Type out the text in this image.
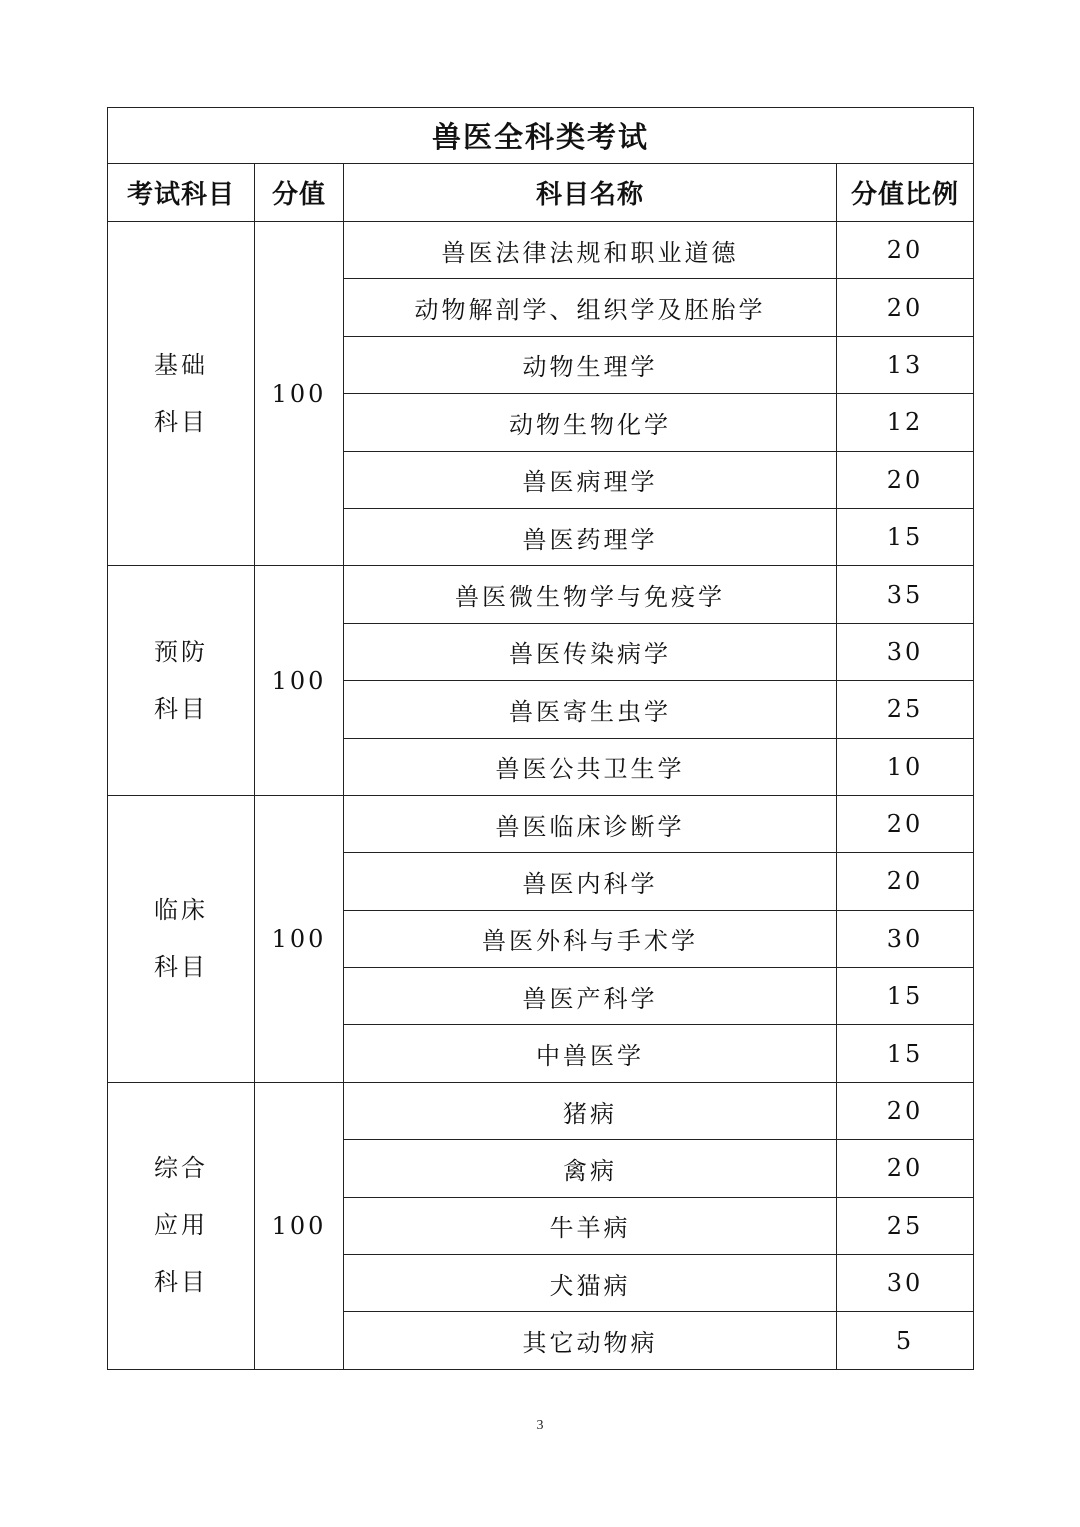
兽医全科类考试			
考试科目	分值	科目名称	分值比例

基础
科目	100	兽医法律法规和职业道德	20
		动物解剖学、组织学及胚胎学	20
		动物生理学	13
		动物生物化学	12
		兽医病理学	20
		兽医药理学	15

预防
科目	100	兽医微生物学与免疫学	35
		兽医传染病学	30
		兽医寄生虫学	25
		兽医公共卫生学	10

临床
科目	100	兽医临床诊断学	20
		兽医内科学	20
		兽医外科与手术学	30
		兽医产科学	15
		中兽医学	15

综合
应用
科目	100	猪病	20
		禽病	20
		牛羊病	25
		犬猫病	30
		其它动物病	5
3
